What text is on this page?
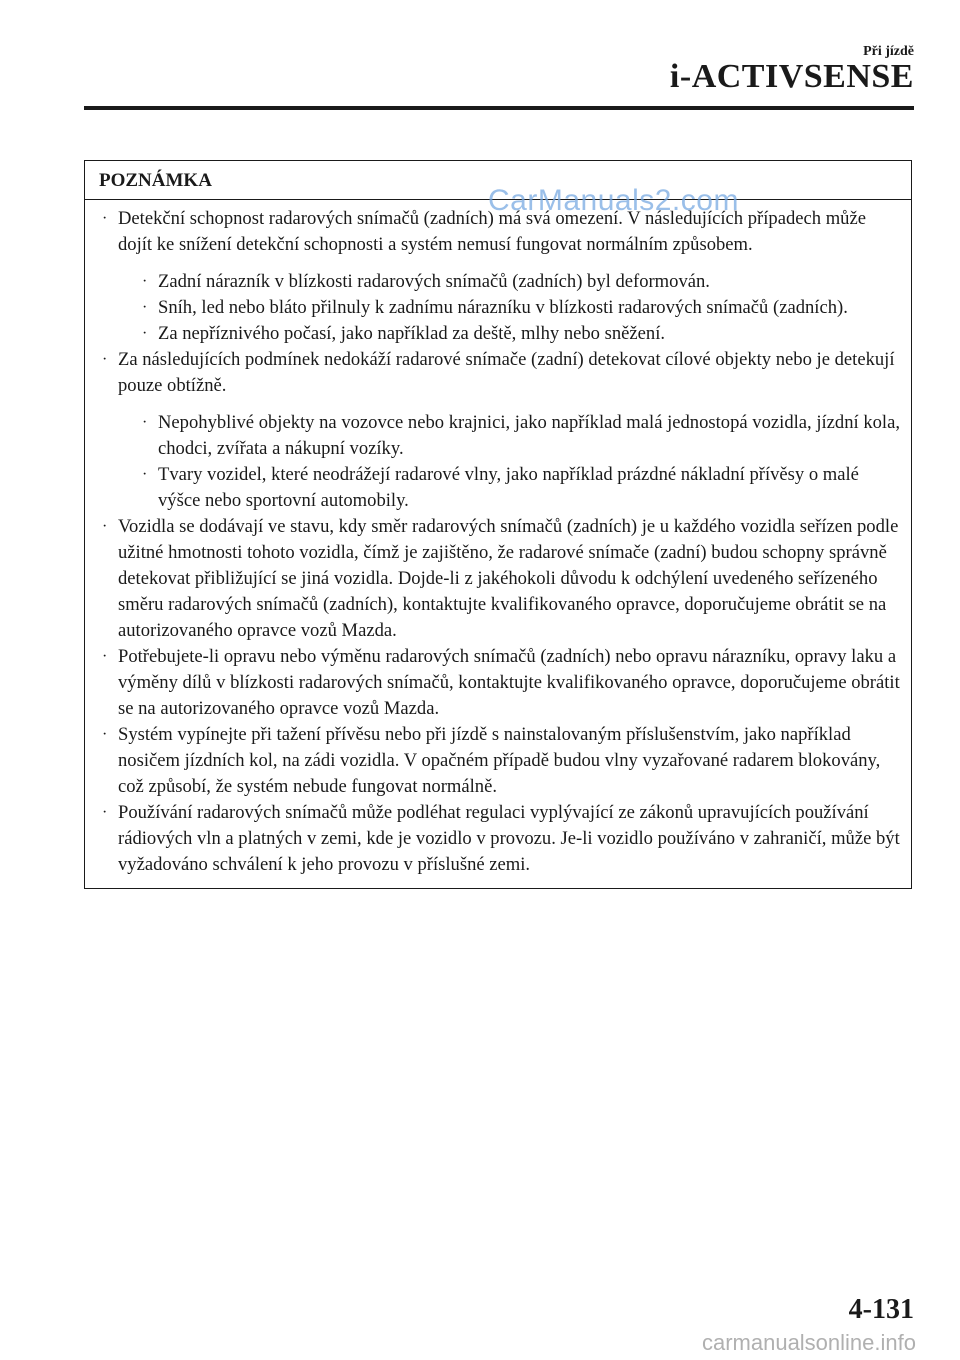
Při jízdě
i-ACTIVSENSE
POZNÁMKA
· Detekční schopnost radarových snímačů (zadních) má svá omezení. V následujících případech může dojít ke snížení detekční schopnosti a systém nemusí fungovat normálním způsobem.
· Zadní nárazník v blízkosti radarových snímačů (zadních) byl deformován.
· Sníh, led nebo bláto přilnuly k zadnímu nárazníku v blízkosti radarových snímačů (zadních).
· Za nepříznivého počasí, jako například za deště, mlhy nebo sněžení.
· Za následujících podmínek nedokáží radarové snímače (zadní) detekovat cílové objekty nebo je detekují pouze obtížně.
· Nepohyblivé objekty na vozovce nebo krajnici, jako například malá jednostopá vozidla, jízdní kola, chodci, zvířata a nákupní vozíky.
· Tvary vozidel, které neodrážejí radarové vlny, jako například prázdné nákladní přívěsy o malé výšce nebo sportovní automobily.
· Vozidla se dodávají ve stavu, kdy směr radarových snímačů (zadních) je u každého vozidla seřízen podle užitné hmotnosti tohoto vozidla, čímž je zajištěno, že radarové snímače (zadní) budou schopny správně detekovat přibližující se jiná vozidla. Dojde-li z jakéhokoli důvodu k odchýlení uvedeného seřízeného směru radarových snímačů (zadních), kontaktujte kvalifikovaného opravce, doporučujeme obrátit se na autorizovaného opravce vozů Mazda.
· Potřebujete-li opravu nebo výměnu radarových snímačů (zadních) nebo opravu nárazníku, opravy laku a výměny dílů v blízkosti radarových snímačů, kontaktujte kvalifikovaného opravce, doporučujeme obrátit se na autorizovaného opravce vozů Mazda.
· Systém vypínejte při tažení přívěsu nebo při jízdě s nainstalovaným příslušenstvím, jako například nosičem jízdních kol, na zádi vozidla. V opačném případě budou vlny vyzařované radarem blokovány, což způsobí, že systém nebude fungovat normálně.
· Používání radarových snímačů může podléhat regulaci vyplývající ze zákonů upravujících používání rádiových vln a platných v zemi, kde je vozidlo v provozu. Je-li vozidlo používáno v zahraničí, může být vyžadováno schválení k jeho provozu v příslušné zemi.
CarManuals2.com
4-131
carmanualsonline.info
